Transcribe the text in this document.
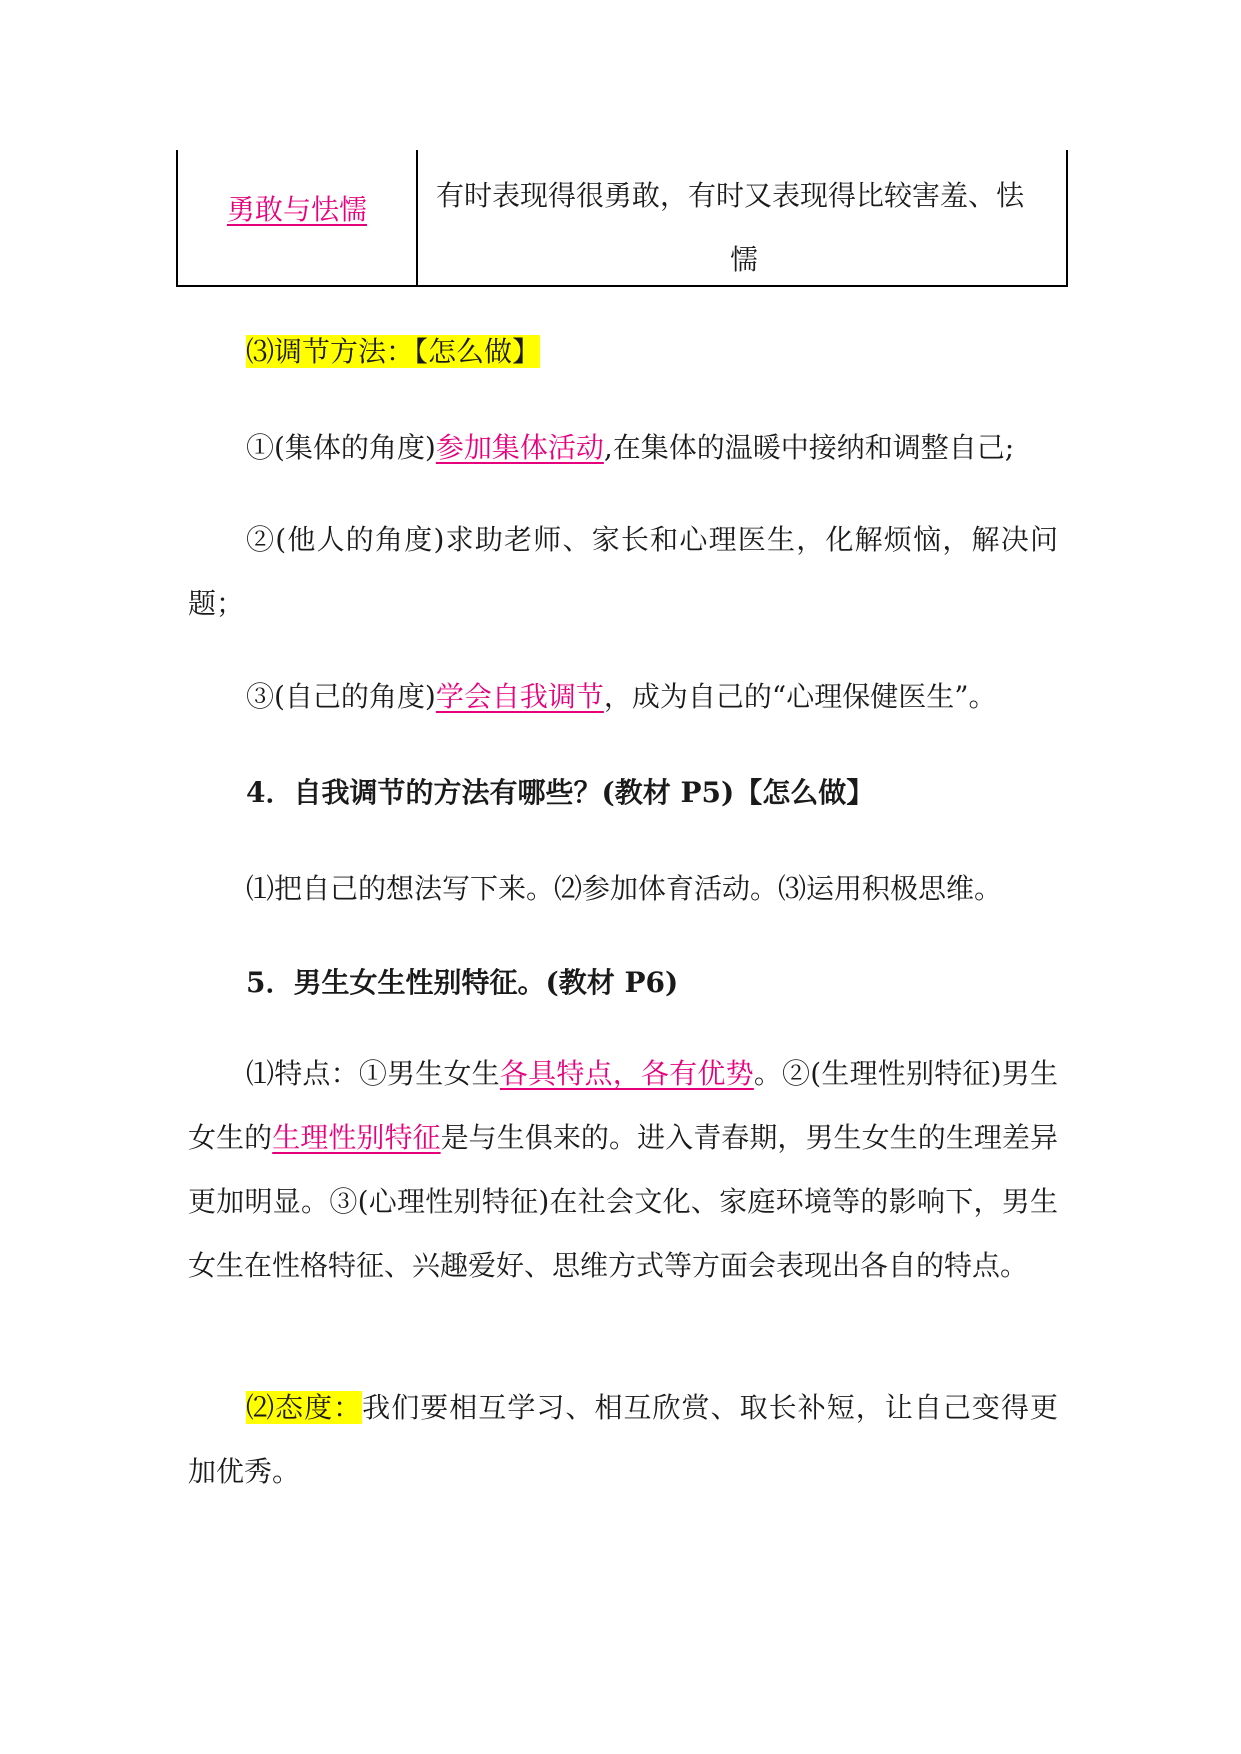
勇敢与怯懦 有时表现得很勇敢，有时又表现得比较害羞、怯
懦
⑶调节方法：【怎么做】
①(集体的角度)参加集体活动,在集体的温暖中接纳和调整自己;
②(他人的角度)求助老师、家长和心理医生，化解烦恼，解决问题；
③(自己的角度)学会自我调节，成为自己的“心理保健医生”。
4．自我调节的方法有哪些？(教材 P5)【怎么做】
⑴把自己的想法写下来。⑵参加体育活动。⑶运用积极思维。
5．男生女生性别特征。(教材 P6)
⑴特点：①男生女生各具特点，各有优势。②(生理性别特征)男生女生的生理性别特征是与生俱来的。进入青春期，男生女生的生理差异更加明显。③(心理性别特征)在社会文化、家庭环境等的影响下，男生女生在性格特征、兴趣爱好、思维方式等方面会表现出各自的特点。
⑵态度：我们要相互学习、相互欣赏、取长补短，让自己变得更加优秀。
